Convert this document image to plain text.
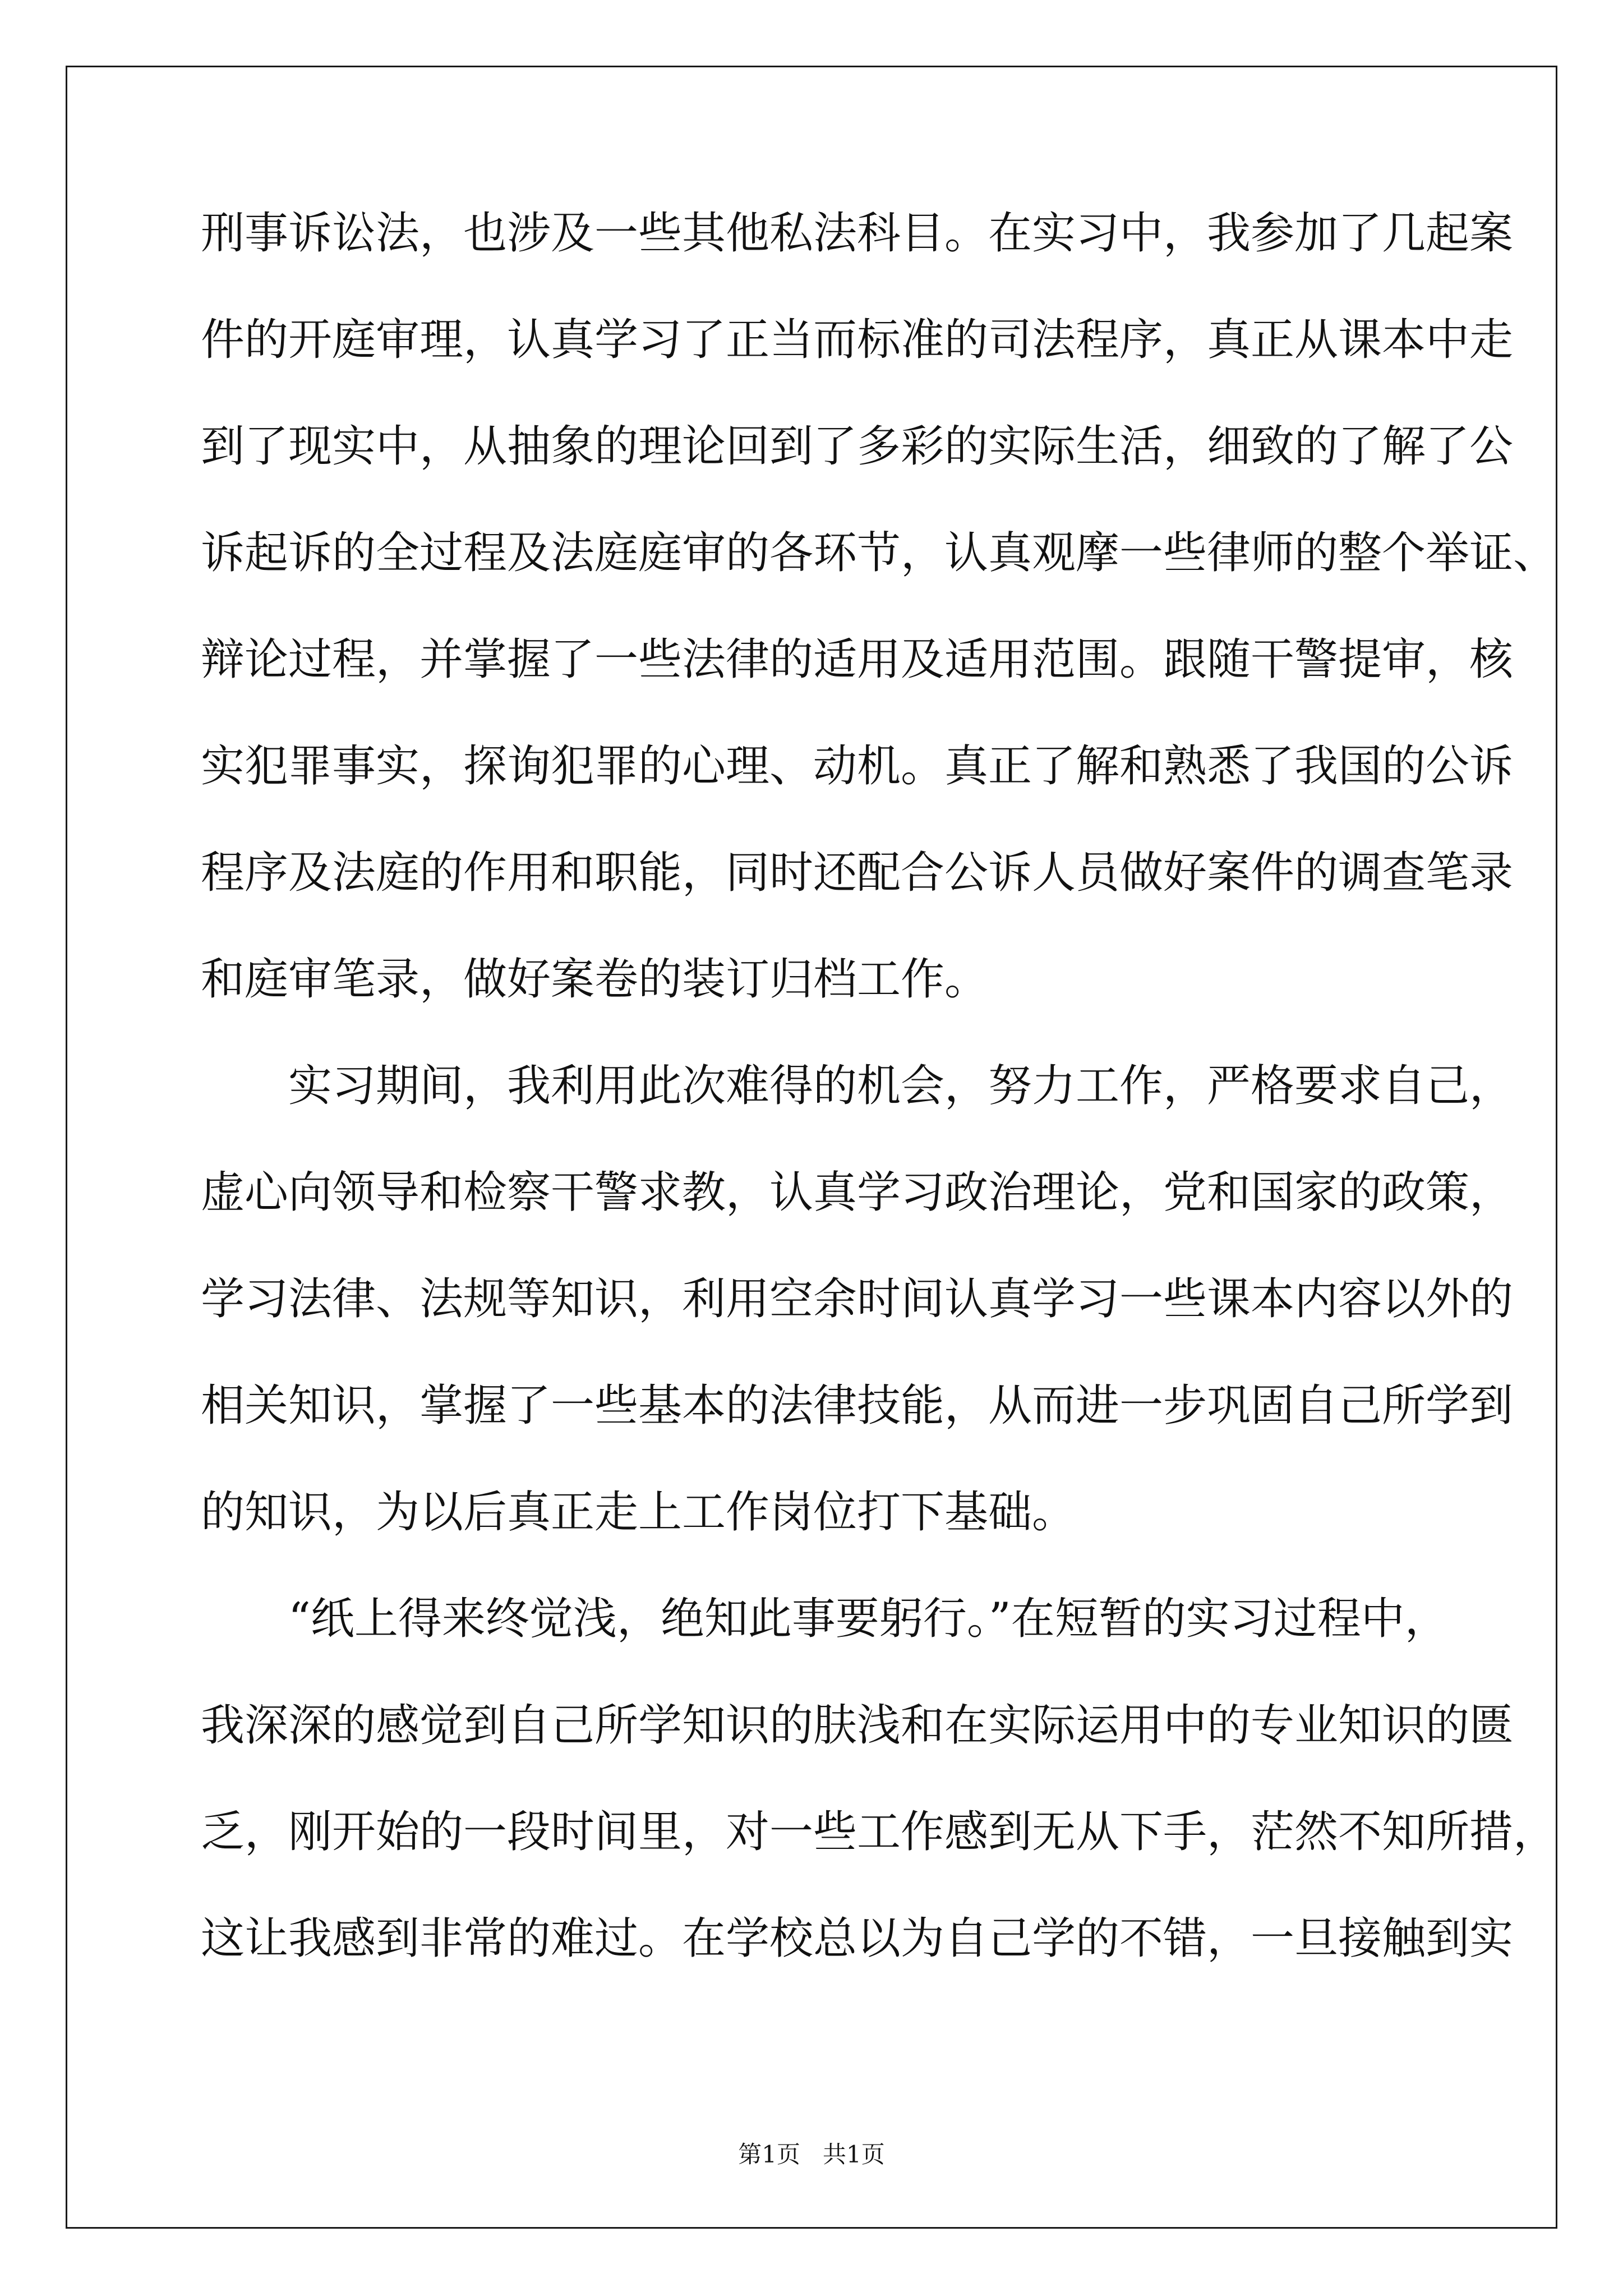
刑事诉讼法，也涉及一些其他私法科目。在实习中，我参加了几起案
件的开庭审理，认真学习了正当而标准的司法程序，真正从课本中走
到了现实中，从抽象的理论回到了多彩的实际生活，细致的了解了公
诉起诉的全过程及法庭庭审的各环节，认真观摩一些律师的整个举证、
辩论过程，并掌握了一些法律的适用及适用范围。跟随干警提审，核
实犯罪事实，探询犯罪的心理、动机。真正了解和熟悉了我国的公诉
程序及法庭的作用和职能，同时还配合公诉人员做好案件的调查笔录
和庭审笔录，做好案卷的装订归档工作。
实习期间，我利用此次难得的机会，努力工作，严格要求自己，
虚心向领导和检察干警求教，认真学习政治理论，党和国家的政策，
学习法律、法规等知识，利用空余时间认真学习一些课本内容以外的
相关知识，掌握了一些基本的法律技能，从而进一步巩固自己所学到
的知识，为以后真正走上工作岗位打下基础。
“纸上得来终觉浅，绝知此事要躬行。”在短暂的实习过程中，
我深深的感觉到自己所学知识的肤浅和在实际运用中的专业知识的匮
乏，刚开始的一段时间里，对一些工作感到无从下手，茫然不知所措，
这让我感到非常的难过。在学校总以为自己学的不错，一旦接触到实
第1页 共1页
